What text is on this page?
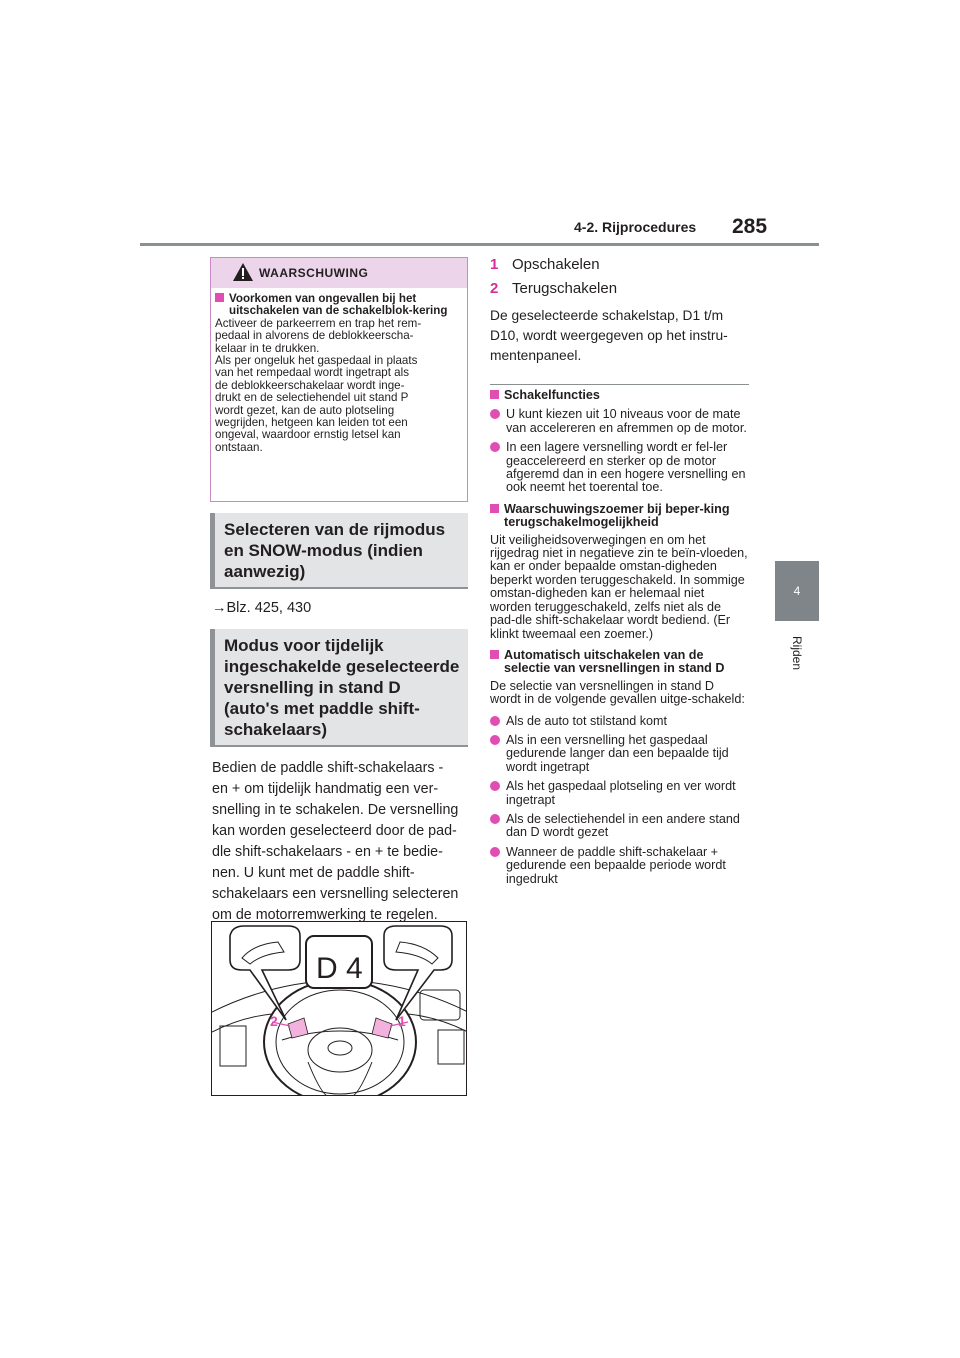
4-2. Rijprocedures 285
4
Rijden
WAARSCHUWING
Voorkomen van ongevallen bij het uitschakelen van de schakelblok-kering
Activeer de parkeerrem en trap het rem-
pedaal in alvorens de deblokkeerscha-
kelaar in te drukken.
Als per ongeluk het gaspedaal in plaats
van het rempedaal wordt ingetrapt als
de deblokkeerschakelaar wordt inge-
drukt en de selectiehendel uit stand P
wordt gezet, kan de auto plotseling
wegrijden, hetgeen kan leiden tot een
ongeval, waardoor ernstig letsel kan
ontstaan.
Selecteren van de rijmodus en SNOW-modus (indien aanwezig)
→Blz. 425, 430
Modus voor tijdelijk ingeschakelde geselecteerde versnelling in stand D (auto's met paddle shift-schakelaars)
Bedien de paddle shift-schakelaars -
en + om tijdelijk handmatig een ver-
snelling in te schakelen. De versnelling
kan worden geselecteerd door de pad-
dle shift-schakelaars - en + te bedie-
nen. U kunt met de paddle shift-
schakelaars een versnelling selecteren
om de motorremwerking te regelen.
D 4
2	1
1 Opschakelen
2 Terugschakelen
De geselecteerde schakelstap, D1 t/m
D10, wordt weergegeven op het instru-
mentenpaneel.
Schakelfuncties
U kunt kiezen uit 10 niveaus voor de mate van accelereren en afremmen op de motor.
In een lagere versnelling wordt er fel-ler geaccelereerd en sterker op de motor afgeremd dan in een hogere versnelling en ook neemt het toerental toe.
Waarschuwingszoemer bij beper-king terugschakelmogelijkheid
Uit veiligheidsoverwegingen en om het rijgedrag niet in negatieve zin te beïn-vloeden, kan er onder bepaalde omstan-digheden beperkt worden teruggeschakeld. In sommige omstan-digheden kan er helemaal niet worden teruggeschakeld, zelfs niet als de pad-dle shift-schakelaar wordt bediend. (Er klinkt tweemaal een zoemer.)
Automatisch uitschakelen van de selectie van versnellingen in stand D
De selectie van versnellingen in stand D wordt in de volgende gevallen uitge-schakeld:
Als de auto tot stilstand komt
Als in een versnelling het gaspedaal gedurende langer dan een bepaalde tijd wordt ingetrapt
Als het gaspedaal plotseling en ver wordt ingetrapt
Als de selectiehendel in een andere stand dan D wordt gezet
Wanneer de paddle shift-schakelaar + gedurende een bepaalde periode wordt ingedrukt
